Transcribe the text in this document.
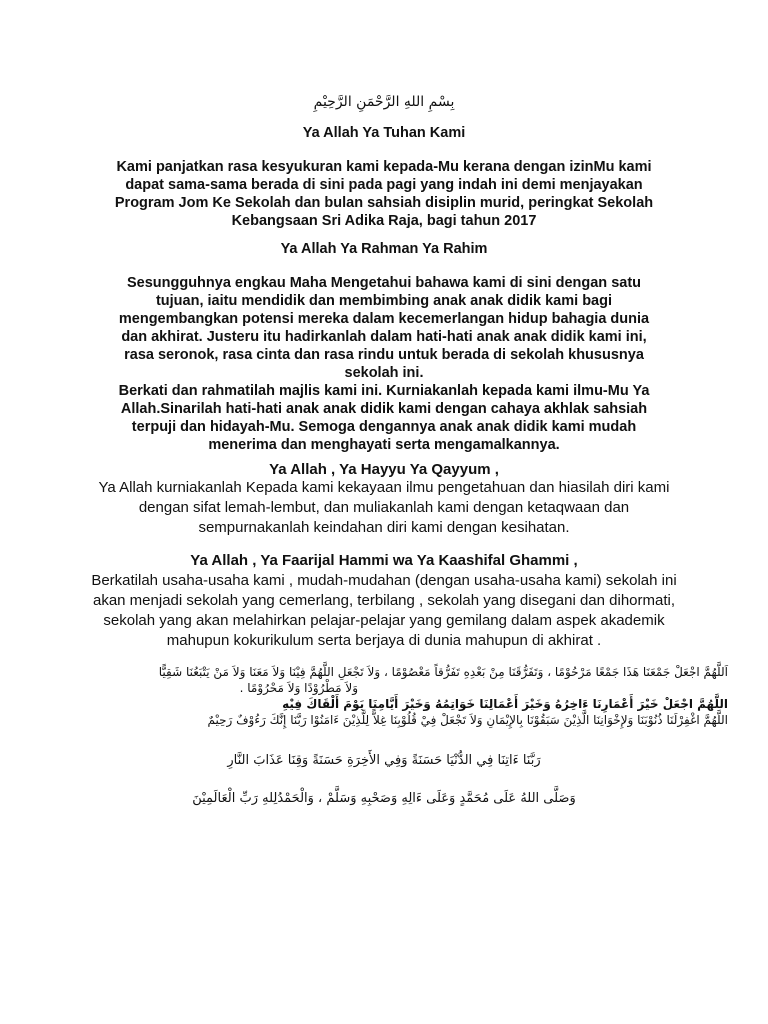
بِسْمِ اللهِ الرَّحْمَنِ الرَّحِيْمِ
Ya Allah Ya Tuhan Kami
Kami panjatkan rasa kesyukuran kami kepada-Mu kerana dengan izinMu kami
dapat sama-sama berada di sini pada pagi yang indah ini demi menjayakan
Program Jom Ke Sekolah dan bulan sahsiah disiplin murid, peringkat Sekolah
Kebangsaan Sri Adika Raja, bagi tahun 2017
Ya Allah Ya Rahman Ya Rahim
Sesungguhnya engkau Maha Mengetahui bahawa kami di sini dengan satu
tujuan, iaitu mendidik dan membimbing anak anak didik kami bagi
mengembangkan potensi mereka dalam kecemerlangan hidup bahagia dunia
dan akhirat. Justeru itu hadirkanlah dalam hati-hati anak anak didik kami ini,
rasa seronok, rasa cinta dan rasa rindu untuk berada di sekolah khususnya
sekolah ini.
Berkati dan rahmatilah majlis kami ini. Kurniakanlah kepada kami ilmu-Mu Ya
Allah.Sinarilah hati-hati anak anak didik kami dengan cahaya akhlak sahsiah
terpuji dan hidayah-Mu. Semoga dengannya anak anak didik kami mudah
menerima dan menghayati serta mengamalkannya.
Ya Allah , Ya Hayyu Ya Qayyum ,
Ya Allah kurniakanlah Kepada kami kekayaan ilmu pengetahuan dan hiasilah diri kami
dengan sifat lemah-lembut, dan muliakanlah kami dengan ketaqwaan dan
sempurnakanlah keindahan diri kami dengan kesihatan.
Ya Allah , Ya Faarijal Hammi wa Ya Kaashifal Ghammi ,
Berkatilah usaha-usaha kami , mudah-mudahan (dengan usaha-usaha kami) sekolah ini
akan menjadi sekolah yang cemerlang, terbilang , sekolah yang disegani dan dihormati,
sekolah yang akan melahirkan pelajar-pelajar yang gemilang dalam aspek akademik
mahupun kokurikulum serta berjaya di dunia mahupun di akhirat .
اَللَّهُمَّ اجْعَلْ جَمْعَنَا هَذَا جَمْعًا مَرْحُوْمًا ، وَتَفَرُّقَنَا مِنْ بَعْدِهِ تَفَرُّقاً مَعْصُوْمًا ، وَلاَ تَجْعَلِ اللَّهُمَّ فِيْنَا وَلاَ مَعَنَا وَلاَ مَنْ يَتْبَعُنَا شَقِيًّا
وَلاَ مَطْرُوْدًا وَلاَ مَحْرُوْمًا .
اللَّهُمَّ اجْعَلْ خَيْرَ أَعْمَارِنَا ءَاخِرُهُ وَخَيْرَ أَعْمَالِنَا خَوَاتِمُهُ وَخَيْرَ أَيَّامِنَا يَوْمَ أَلْقَاكَ فِيْهِ
اللَّهُمَّ اغْفِرْلَنَا ذُنُوْبَنَا وَلإِخْوَانِنَا الَّذِيْنَ سَبَقُوْنَا بِالإِيْمَانِ وَلاَ تَجْعَلْ فِيْ قُلُوْبِنَا غِلاًّ لِلَّذِيْنَ ءَامَنُوْا رَبَّنَا إِنَّكَ رَءُوْفٌ رَحِيْمٌ
رَبَّنَا ءَاتِنَا فِي الدُّنْيَا حَسَنَةً وَفِي الأَخِرَةِ حَسَنَةً وَقِنَا عَذَابَ النَّارِ
وَصَلَّى اللهُ عَلَى مُحَمَّدٍ وَعَلَى ءَالِهِ وَصَحْبِهِ وَسَلَّمْ ، وَالْحَمْدُلِلهِ رَبِّ الْعَالَمِيْنَ
